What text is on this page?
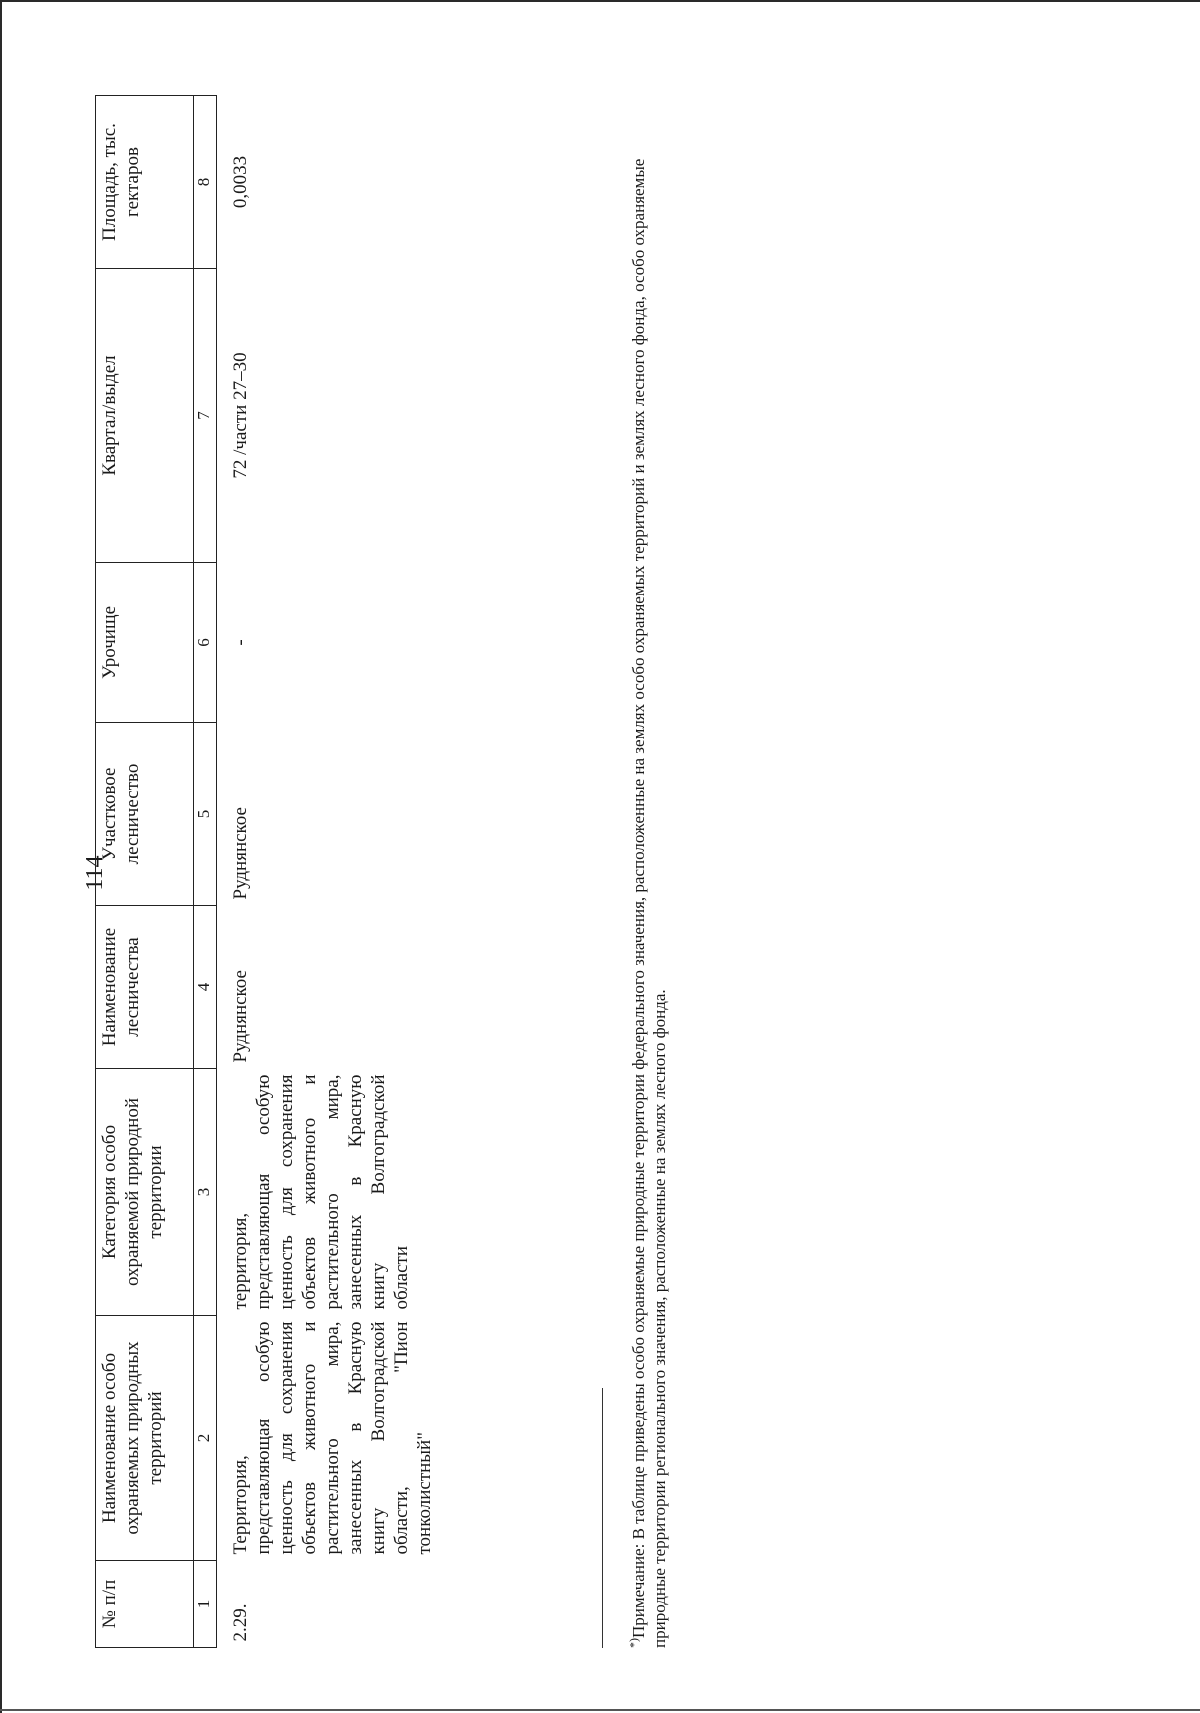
114
№ п/п	Наименование особо охраняемых природных территорий	Категория особо охраняемой природной территории	Наименование лесничества	Участковое лесничество	Урочище	Квартал/выдел	Площадь, тыс. гектаров
1	2	3	4	5	6	7	8
2.29.	Территория, представляющая особую ценность для сохранения объектов животного и растительного мира, занесенных в Красную книгу Волгоградской области, "Пион тонколистный"	территория, представляющая особую ценность для сохранения объектов животного и растительного мира, занесенных в Красную книгу Волгоградской области	Руднянское	Руднянское	-	72 /части 27–30	0,0033
*)Примечание: В таблице приведены особо охраняемые природные территории федерального значения, расположенные на землях особо охраняемых территорий и землях лесного фонда, особо охраняемые природные территории регионального значения, расположенные на землях лесного фонда.
